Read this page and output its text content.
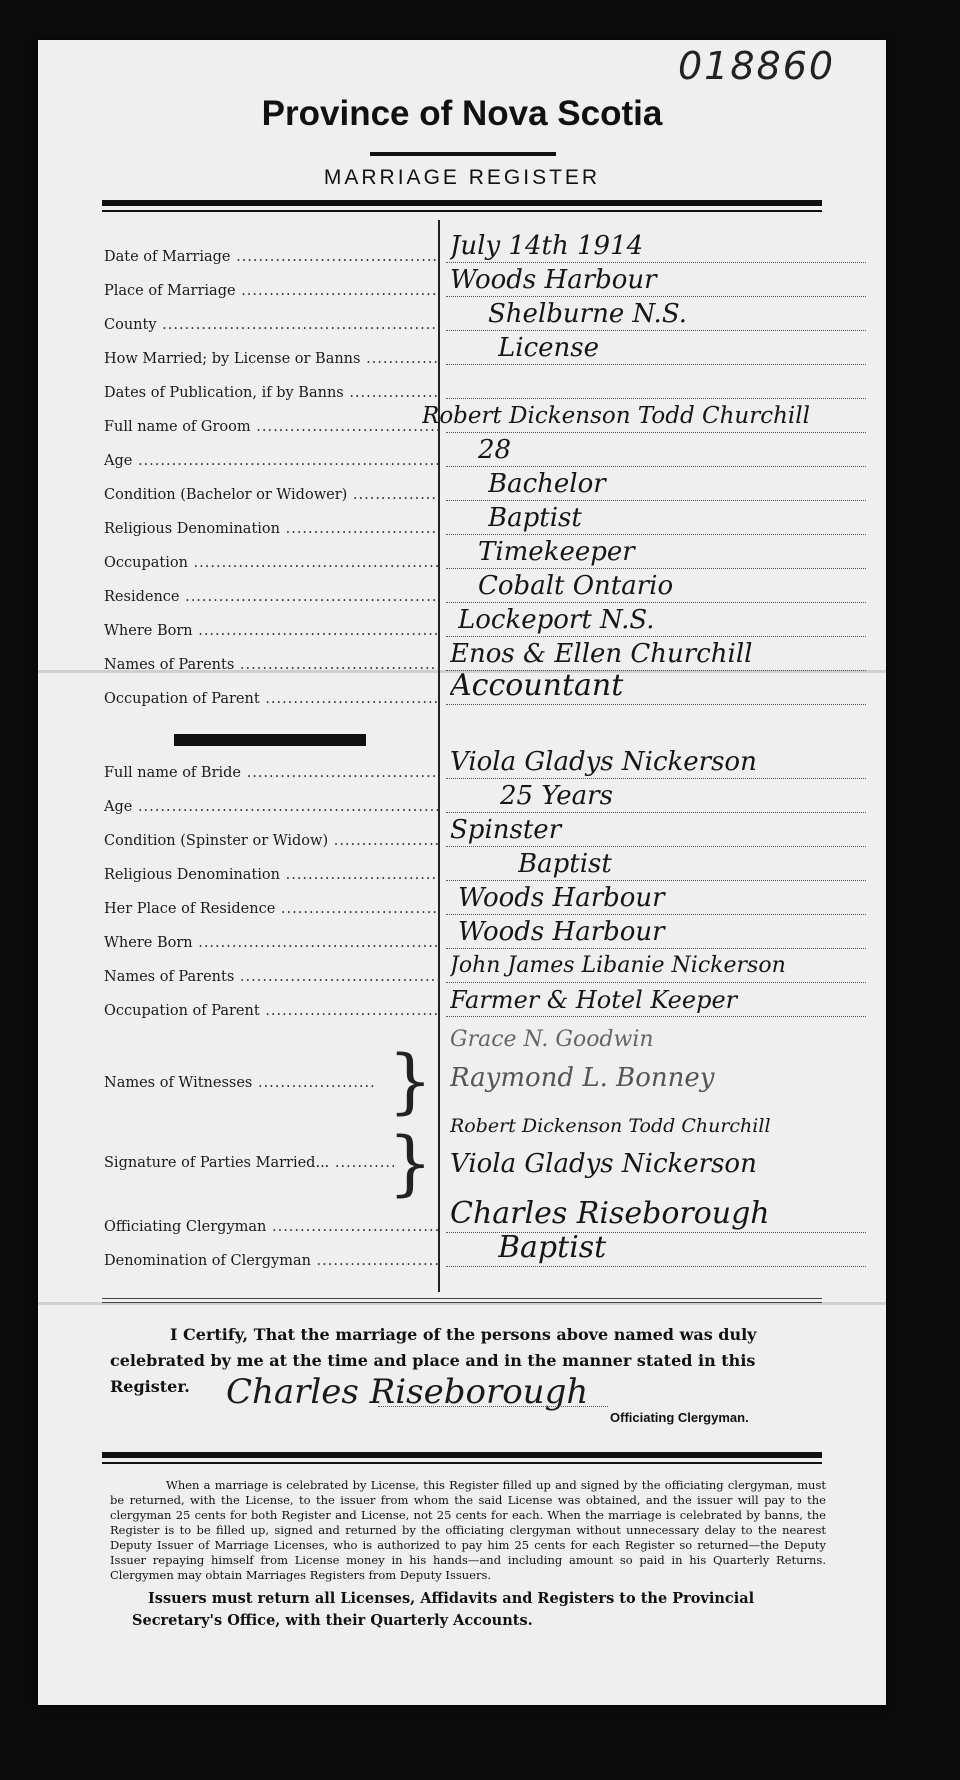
018860
Province of Nova Scotia
MARRIAGE REGISTER
Date of Marriage .....	July 14th 1914
Place of Marriage .....	Woods Harbour
County .....	Shelburne N.S.
How Married; by License or Banns .....	License
Dates of Publication, if by Banns .....
Full name of Groom .....	Robert Dickenson Todd Churchill
Age .....	28
Condition (Bachelor or Widower) .....	Bachelor
Religious Denomination .....	Baptist
Occupation .....	Timekeeper
Residence .....	Cobalt Ontario
Where Born .....	Lockeport N.S.
Names of Parents .....	Enos & Ellen Churchill
Occupation of Parent .....	Accountant
Full name of Bride .....	Viola Gladys Nickerson
Age .....	25 Years
Condition (Spinster or Widow) .....	Spinster
Religious Denomination .....	Baptist
Her Place of Residence .....	Woods Harbour
Where Born .....	Woods Harbour
Names of Parents .....	John James Libanie Nickerson
Occupation of Parent .....	Farmer & Hotel Keeper
Names of Witnesses .....	}
Grace N. Goodwin
Raymond L. Bonney
Signature of Parties Married... ..... } Robert Dickenson Todd Churchill
Viola Gladys Nickerson
Officiating Clergyman .....	Charles Riseborough
Denomination of Clergyman .....	Baptist
I Certify, That the marriage of the persons above named was duly celebrated by me at the time and place and in the manner stated in this Register.	Charles Riseborough
Officiating Clergyman.
When a marriage is celebrated by License, this Register filled up and signed by the officiating clergyman, must be returned, with the License, to the issuer from whom the said License was obtained, and the issuer will pay to the clergyman 25 cents for both Register and License, not 25 cents for each. When the marriage is celebrated by banns, the Register is to be filled up, signed and returned by the officiating clergyman without unnecessary delay to the nearest Deputy Issuer of Marriage Licenses, who is authorized to pay him 25 cents for each Register so returned—the Deputy Issuer repaying himself from License money in his hands—and including amount so paid in his Quarterly Returns. Clergymen may obtain Marriages Registers from Deputy Issuers.
Issuers must return all Licenses, Affidavits and Registers to the Provincial Secretary's Office, with their Quarterly Accounts.
